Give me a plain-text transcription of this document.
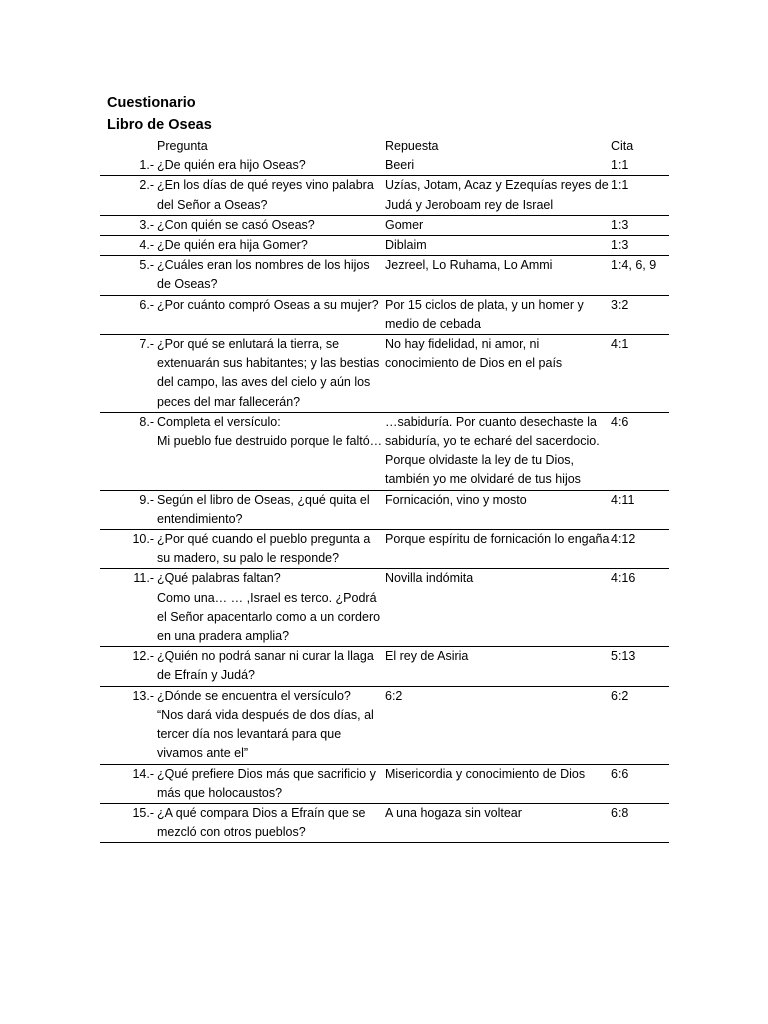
Cuestionario
Libro de Oseas
	Pregunta	Repuesta	Cita
1.-	¿De quién era hijo Oseas?	Beeri	1:1
2.-	¿En los días de qué reyes vino palabra del Señor a Oseas?	Uzías, Jotam, Acaz y Ezequías reyes de Judá y Jeroboam rey de Israel	1:1
3.-	¿Con quién se casó Oseas?	Gomer	1:3
4.-	¿De quién era hija Gomer?	Diblaim	1:3
5.-	¿Cuáles eran los nombres de los hijos de Oseas?	Jezreel, Lo Ruhama, Lo Ammi	1:4, 6, 9
6.-	¿Por cuánto compró Oseas a su mujer?	Por 15 ciclos de plata, y un homer y medio de cebada	3:2
7.-	¿Por qué se enlutará la tierra, se extenuarán sus habitantes; y las bestias del campo, las aves del cielo y aún los peces del mar fallecerán?	No hay fidelidad, ni amor, ni conocimiento de Dios en el país	4:1
8.-	Completa el versículo:
Mi pueblo fue destruido porque le faltó…	…sabiduría. Por cuanto desechaste la sabiduría, yo te echaré del sacerdocio. Porque olvidaste la ley de tu Dios, también yo me olvidaré de tus hijos	4:6
9.-	Según el libro de Oseas, ¿qué quita el entendimiento?	Fornicación, vino y mosto	4:11
10.-	¿Por qué cuando el pueblo pregunta a su madero, su palo le responde?	Porque espíritu de fornicación lo engaña	4:12
11.-	¿Qué palabras faltan?
Como una… … ,Israel es terco. ¿Podrá el Señor apacentarlo como a un cordero en una pradera amplia?	Novilla indómita	4:16
12.-	¿Quién no podrá sanar ni curar la llaga de Efraín y Judá?	El rey de Asiria	5:13
13.-	¿Dónde se encuentra el versículo?
“Nos dará vida después de dos días, al tercer día nos levantará para que vivamos ante el”	6:2	6:2
14.-	¿Qué prefiere Dios más que sacrificio y más que holocaustos?	Misericordia y conocimiento de Dios	6:6
15.-	¿A qué compara Dios a Efraín que se mezcló con otros pueblos?	A una hogaza sin voltear	6:8
